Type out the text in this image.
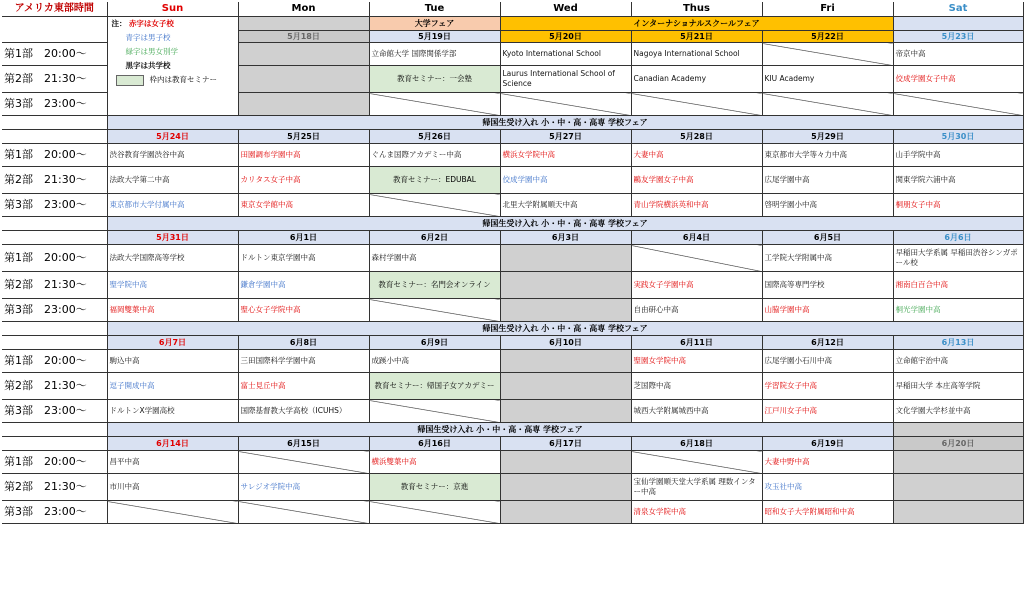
アメリカ東部時間	Sun	Mon	Tue	Wed	Thus	Fri	Sat
	注： 赤字は女子校
青字は男子校
緑字は男女別学
黒字は共学校
枠内は教育セミナー		大学フェア	インターナショナルスクールフェア			
		5月18日	5月19日	5月20日	5月21日	5月22日	5月23日
第1部　20:00～			立命館大学 国際関係学部	Kyoto International School	Nagoya International School		帝京中高
第2部　21:30～			教育セミナー：一会塾	Laurus International School of Science	Canadian Academy	KIU Academy	佼成学園女子中高
第3部　23:00～							
	帰国生受け入れ 小・中・高・高専 学校フェア						
	5月24日	5月25日	5月26日	5月27日	5月28日	5月29日	5月30日
第1部　20:00～	渋谷教育学園渋谷中高	田園調布学園中高	ぐんま国際アカデミー中高	横浜女学院中高	大妻中高	東京都市大学等々力中高	山手学院中高
第2部　21:30～	法政大学第二中高	カリタス女子中高	教育セミナー：EDUBAL	佼成学園中高	鷗友学園女子中高	広尾学園中高	関東学院六浦中高
第3部　23:00～	東京都市大学付属中高	東京女学館中高		北里大学附属順天中高	青山学院横浜英和中高	啓明学園小中高	桐朋女子中高
	帰国生受け入れ 小・中・高・高専 学校フェア						
	5月31日	6月1日	6月2日	6月3日	6月4日	6月5日	6月6日
第1部　20:00～	法政大学国際高等学校	ドルトン東京学園中高	森村学園中高			工学院大学附属中高	早稲田大学系属 早稲田渋谷シンガポール校
第2部　21:30～	聖学院中高	鎌倉学園中高	教育セミナー：名門会オンライン		実践女子学園中高	国際高等専門学校	湘南白百合中高
第3部　23:00～	福岡雙葉中高	聖心女子学院中高			自由研心中高	山脇学園中高	桐光学園中高
	帰国生受け入れ 小・中・高・高専 学校フェア						
	6月7日	6月8日	6月9日	6月10日	6月11日	6月12日	6月13日
第1部　20:00～	駒込中高	三田国際科学学園中高	成蹊小中高		聖園女学院中高	広尾学園小石川中高	立命館宇治中高
第2部　21:30～	逗子開成中高	富士見丘中高	教育セミナー：帰国子女アカデミー		芝国際中高	学習院女子中高	早稲田大学 本庄高等学院
第3部　23:00～	ドルトンX学園高校	国際基督教大学高校（ICUHS）			城西大学附属城西中高	江戸川女子中高	文化学園大学杉並中高
	帰国生受け入れ 小・中・高・高専 学校フェア						
	6月14日	6月15日	6月16日	6月17日	6月18日	6月19日	6月20日
第1部　20:00～	昌平中高		横浜雙葉中高			大妻中野中高	
第2部　21:30～	市川中高	サレジオ学院中高	教育セミナー：京進		宝仙学園順天堂大学系属 理数インター中高	攻玉社中高	
第3部　23:00～					清泉女学院中高	昭和女子大学附属昭和中高	
